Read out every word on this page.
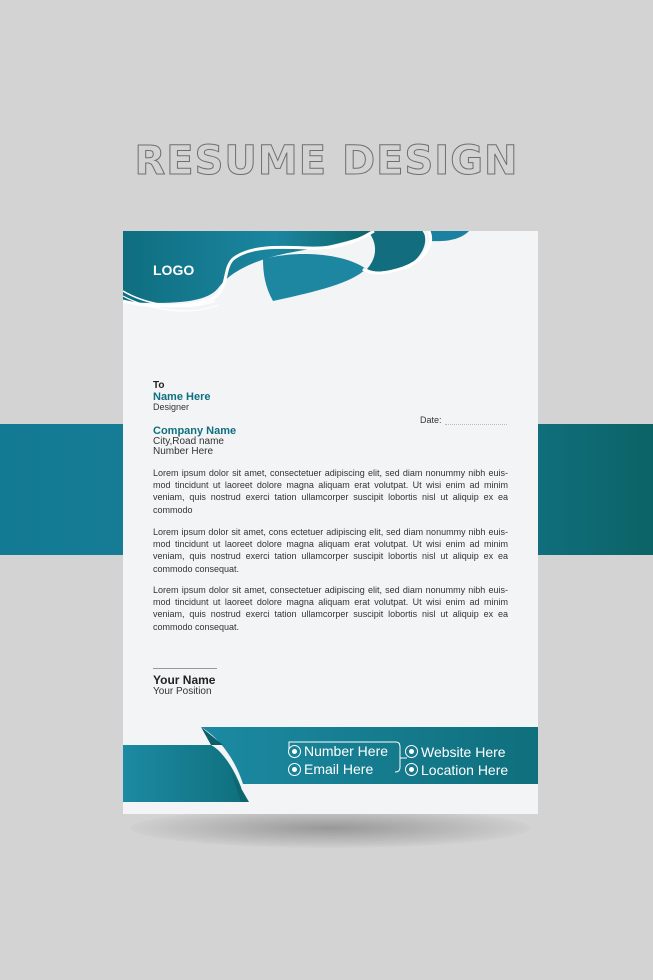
RESUME DESIGN
LOGO
To
Name Here
Designer
Date:
Company Name
City,Road name
Number Here
Lorem ipsum dolor sit amet, consectetuer adipiscing elit, sed diam nonummy nibh euis-mod tincidunt ut laoreet dolore magna aliquam erat volutpat. Ut wisi enim ad minim veniam, quis nostrud exerci tation ullamcorper suscipit lobortis nisl ut aliquip ex ea commodo
Lorem ipsum dolor sit amet, cons ectetuer adipiscing elit, sed diam nonummy nibh euis-mod tincidunt ut laoreet dolore magna aliquam erat volutpat. Ut wisi enim ad minim veniam, quis nostrud exerci tation ullamcorper suscipit lobortis nisl ut aliquip ex ea commodo consequat.
Lorem ipsum dolor sit amet, consectetuer adipiscing elit, sed diam nonummy nibh euis-mod tincidunt ut laoreet dolore magna aliquam erat volutpat. Ut wisi enim ad minim veniam, quis nostrud exerci tation ullamcorper suscipit lobortis nisl ut aliquip ex ea commodo consequat.
Your Name
Your Position
Number Here
Email Here
Website Here
Location Here
